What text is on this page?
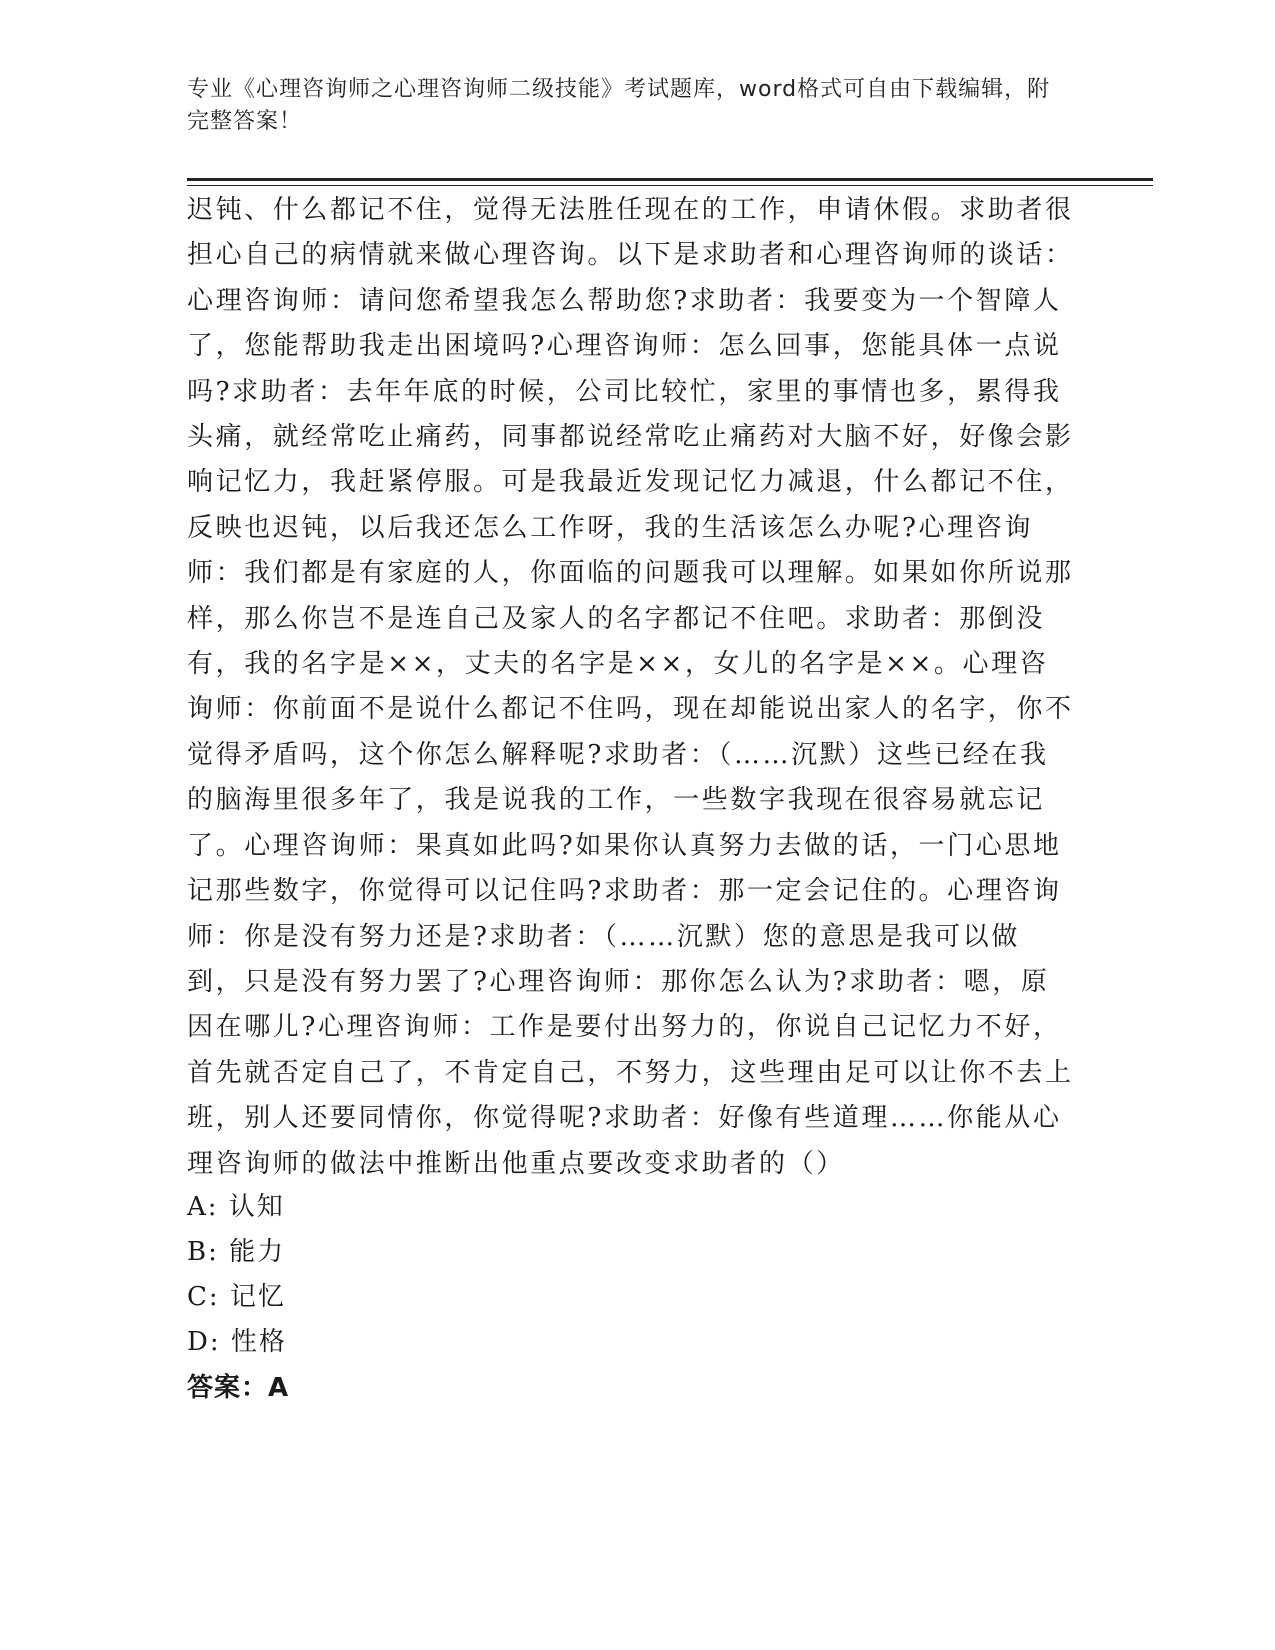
专业《心理咨询师之心理咨询师二级技能》考试题库，word格式可自由下载编辑，附完整答案！
迟钝、什么都记不住，觉得无法胜任现在的工作，申请休假。求助者很担心自己的病情就来做心理咨询。以下是求助者和心理咨询师的谈话：心理咨询师：请问您希望我怎么帮助您?求助者：我要变为一个智障人了，您能帮助我走出困境吗?心理咨询师：怎么回事，您能具体一点说吗?求助者：去年年底的时候，公司比较忙，家里的事情也多，累得我头痛，就经常吃止痛药，同事都说经常吃止痛药对大脑不好，好像会影响记忆力，我赶紧停服。可是我最近发现记忆力减退，什么都记不住，反映也迟钝，以后我还怎么工作呀，我的生活该怎么办呢?心理咨询师：我们都是有家庭的人，你面临的问题我可以理解。如果如你所说那样，那么你岂不是连自己及家人的名字都记不住吧。求助者：那倒没有，我的名字是××，丈夫的名字是××，女儿的名字是××。心理咨询师：你前面不是说什么都记不住吗，现在却能说出家人的名字，你不觉得矛盾吗，这个你怎么解释呢?求助者：（……沉默）这些已经在我的脑海里很多年了，我是说我的工作，一些数字我现在很容易就忘记了。心理咨询师：果真如此吗?如果你认真努力去做的话，一门心思地记那些数字，你觉得可以记住吗?求助者：那一定会记住的。心理咨询师：你是没有努力还是?求助者：（……沉默）您的意思是我可以做到，只是没有努力罢了?心理咨询师：那你怎么认为?求助者：嗯，原因在哪儿?心理咨询师：工作是要付出努力的，你说自己记忆力不好，首先就否定自己了，不肯定自己，不努力，这些理由足可以让你不去上班，别人还要同情你，你觉得呢?求助者：好像有些道理……你能从心理咨询师的做法中推断出他重点要改变求助者的（）
A: 认知
B: 能力
C: 记忆
D: 性格
答案：A
